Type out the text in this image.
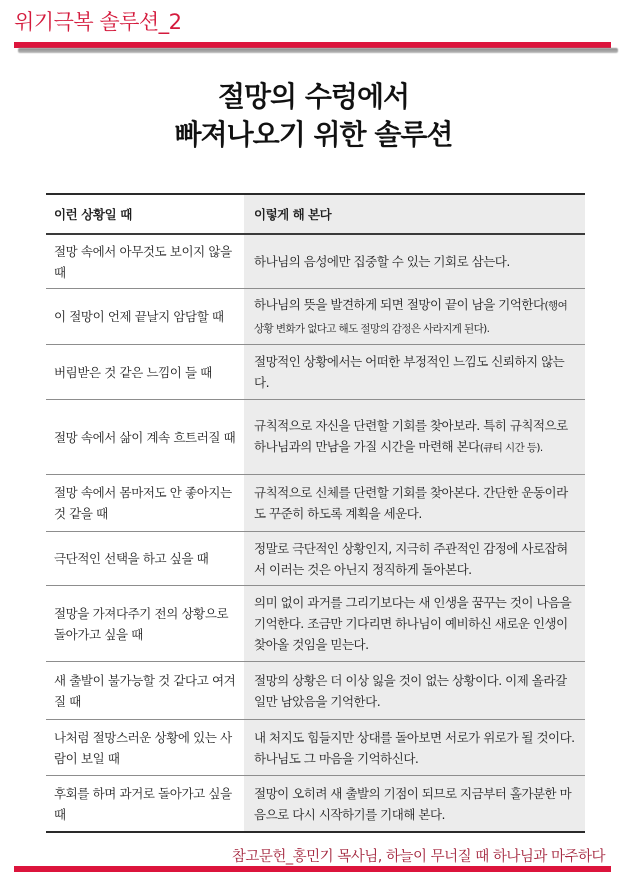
위기극복 솔루션_2
절망의 수렁에서
빠져나오기 위한 솔루션
이런 상황일 때	이렇게 해 본다
절망 속에서 아무것도 보이지 않을 때
하나님의 음성에만 집중할 수 있는 기회로 삼는다.
이 절망이 언제 끝날지 암담할 때
하나님의 뜻을 발견하게 되면 절망이 끝이 남을 기억한다(행여 상황 변화가 없다고 해도 절망의 감정은 사라지게 된다).
버림받은 것 같은 느낌이 들 때
절망적인 상황에서는 어떠한 부정적인 느낌도 신뢰하지 않는다.
절망 속에서 삶이 계속 흐트러질 때
규칙적으로 자신을 단련할 기회를 찾아보라. 특히 규칙적으로 하나님과의 만남을 가질 시간을 마련해 본다(큐티 시간 등).
절망 속에서 몸마저도 안 좋아지는 것 같을 때
규칙적으로 신체를 단련할 기회를 찾아본다. 간단한 운동이라도 꾸준히 하도록 계획을 세운다.
극단적인 선택을 하고 싶을 때
정말로 극단적인 상황인지, 지극히 주관적인 감정에 사로잡혀서 이러는 것은 아닌지 정직하게 돌아본다.
절망을 가져다주기 전의 상황으로 돌아가고 싶을 때
의미 없이 과거를 그리기보다는 새 인생을 꿈꾸는 것이 나음을 기억한다. 조금만 기다리면 하나님이 예비하신 새로운 인생이 찾아올 것임을 믿는다.
새 출발이 불가능할 것 같다고 여겨질 때
절망의 상황은 더 이상 잃을 것이 없는 상황이다. 이제 올라갈 일만 남았음을 기억한다.
나처럼 절망스러운 상황에 있는 사람이 보일 때
내 처지도 힘들지만 상대를 돌아보면 서로가 위로가 될 것이다. 하나님도 그 마음을 기억하신다.
후회를 하며 과거로 돌아가고 싶을 때
절망이 오히려 새 출발의 기점이 되므로 지금부터 홀가분한 마음으로 다시 시작하기를 기대해 본다.
참고문헌_홍민기 목사님, 하늘이 무너질 때 하나님과 마주하다
